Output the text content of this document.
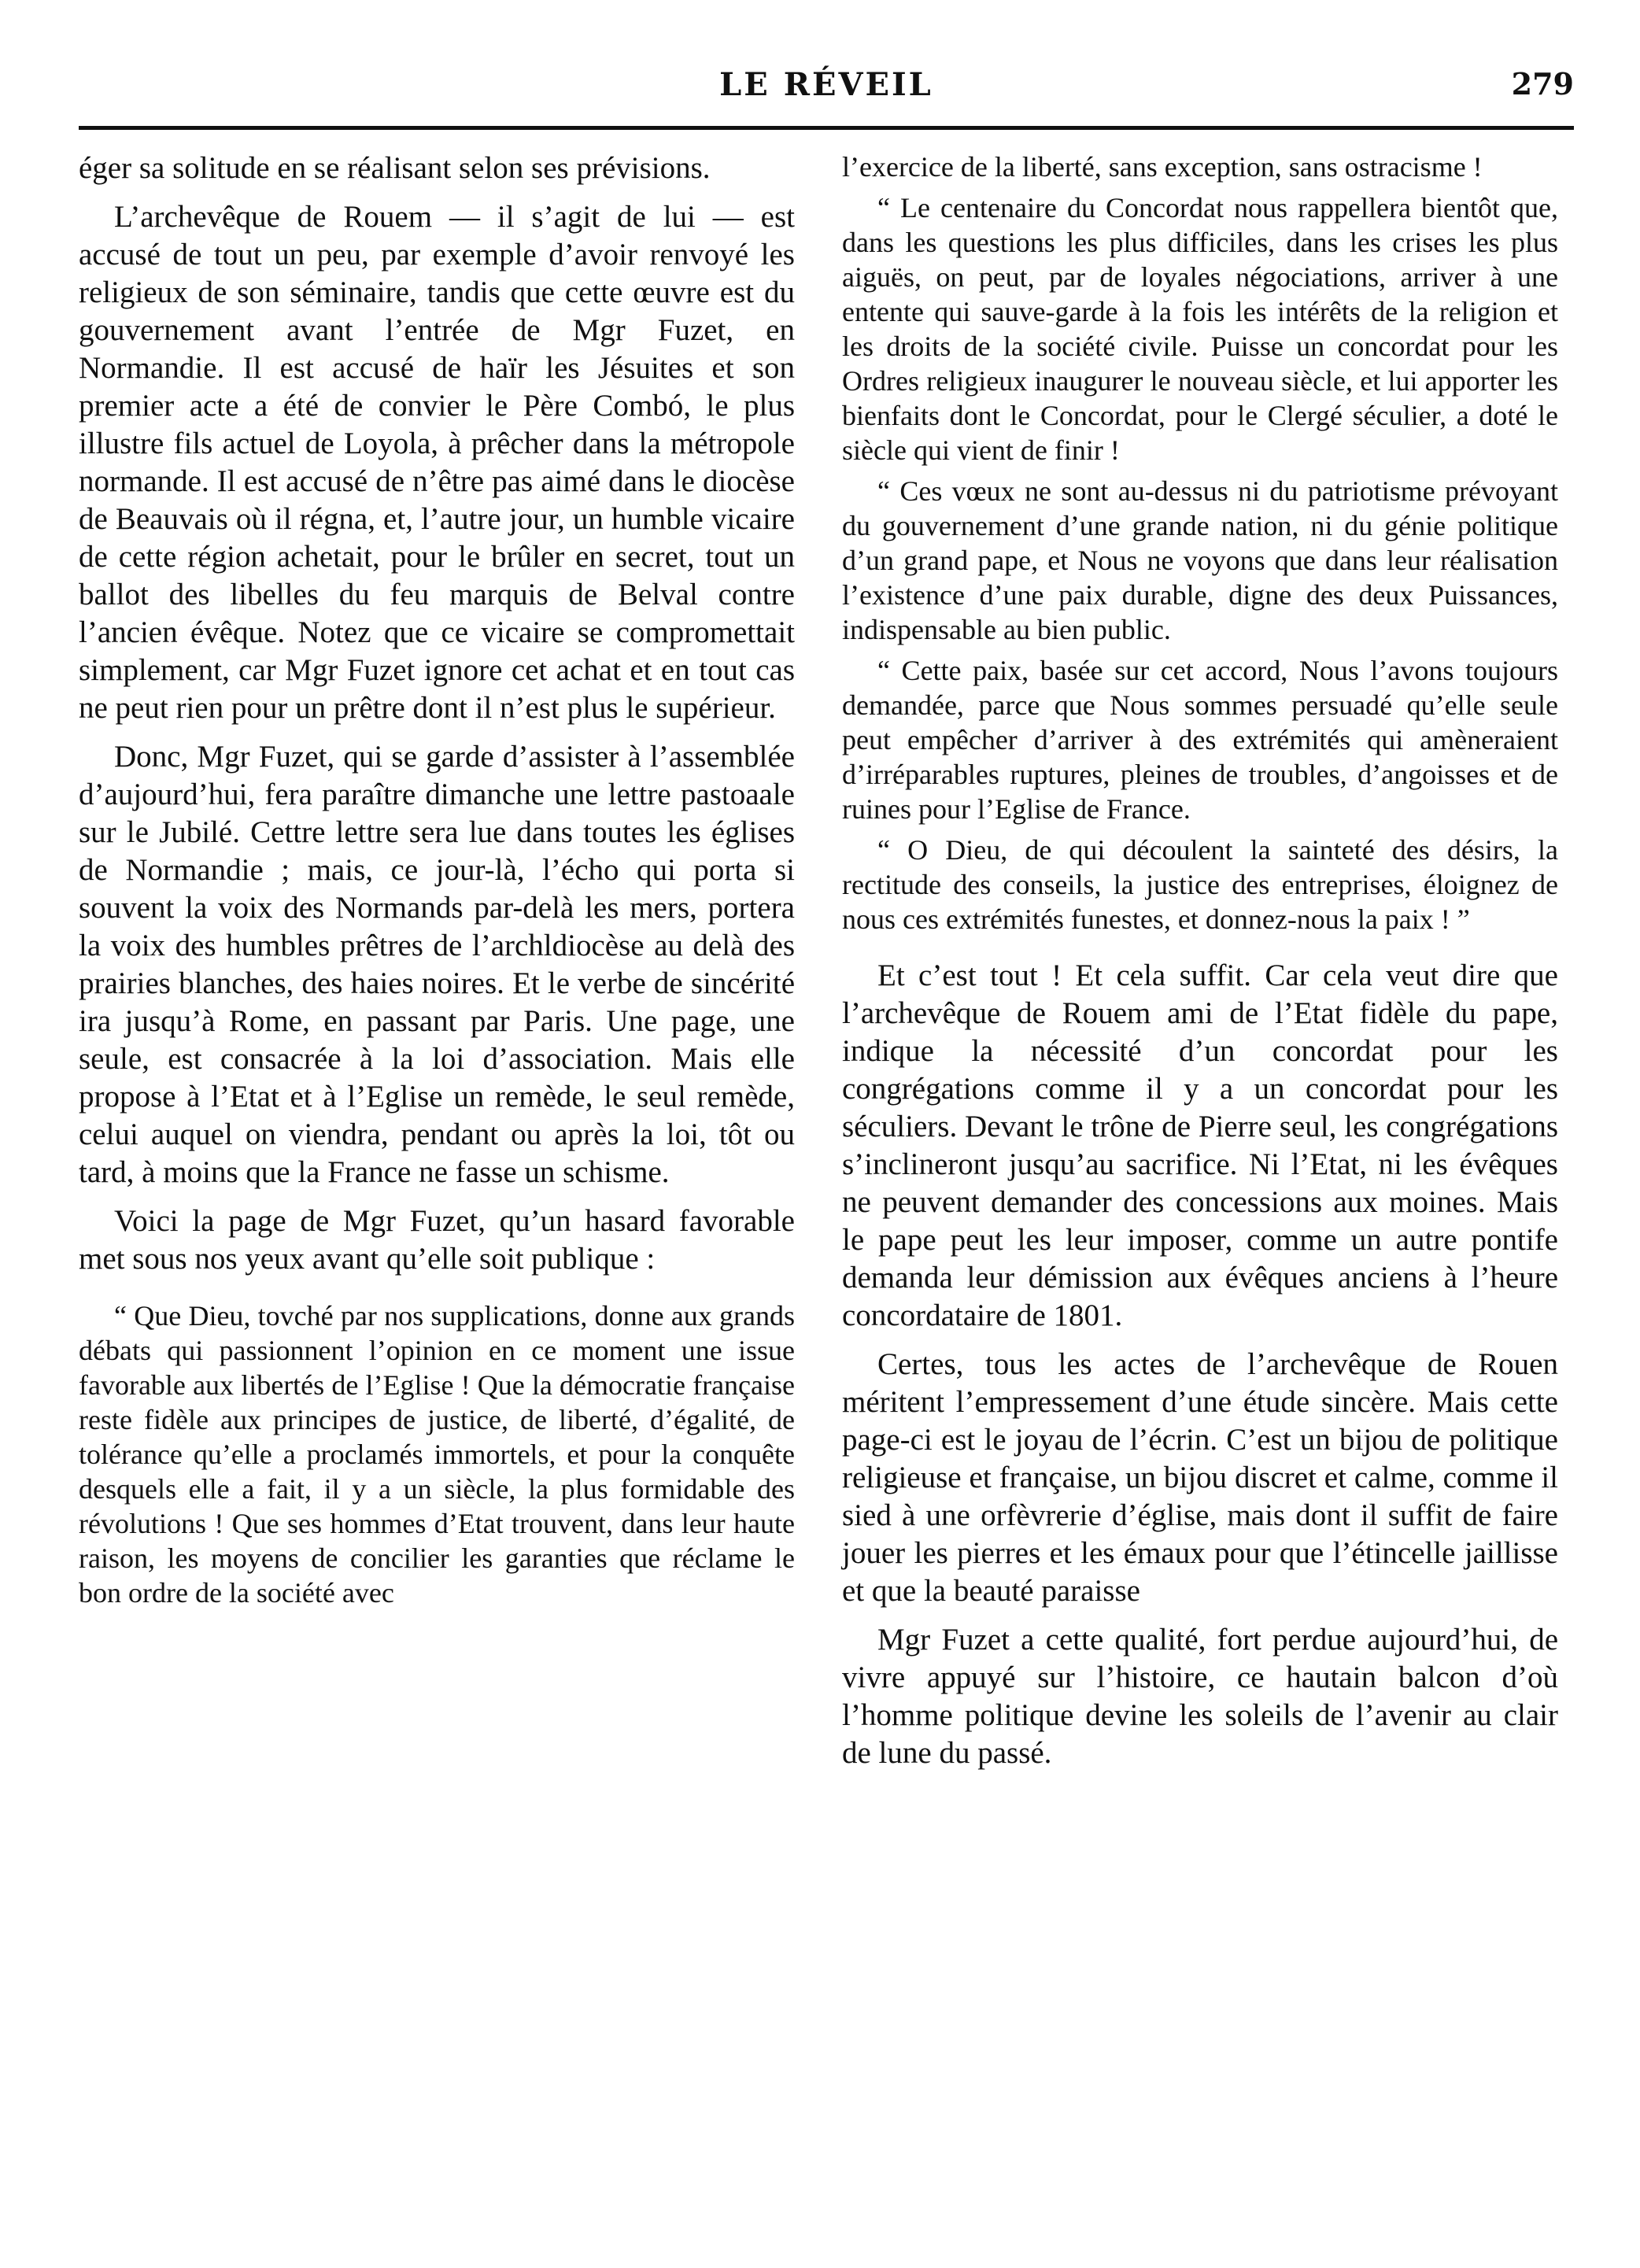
LE RÉVEIL	279

éger sa solitude en se réalisant selon ses prévisions.

L’archevêque de Rouem — il s’agit de lui — est accusé de tout un peu, par exemple d’avoir renvoyé les religieux de son séminaire, tandis que cette œuvre est du gouvernement avant l’entrée de Mgr Fuzet, en Normandie. Il est accusé de haïr les Jésuites et son premier acte a été de convier le Père Combó, le plus illustre fils actuel de Loyola, à prêcher dans la métropole normande. Il est accusé de n’être pas aimé dans le diocèse de Beauvais où il régna, et, l’autre jour, un humble vicaire de cette région achetait, pour le brûler en secret, tout un ballot des libelles du feu marquis de Belval contre l’ancien évêque. Notez que ce vicaire se compromettait simplement, car Mgr Fuzet ignore cet achat et en tout cas ne peut rien pour un prêtre dont il n’est plus le supérieur.

Donc, Mgr Fuzet, qui se garde d’assister à l’assemblée d’aujourd’hui, fera paraître dimanche une lettre pastoaale sur le Jubilé. Cettre lettre sera lue dans toutes les églises de Normandie ; mais, ce jour-là, l’écho qui porta si souvent la voix des Normands par-delà les mers, portera la voix des humbles prêtres de l’archldiocèse au delà des prairies blanches, des haies noires. Et le verbe de sincérité ira jusqu’à Rome, en passant par Paris. Une page, une seule, est consacrée à la loi d’association. Mais elle propose à l’Etat et à l’Eglise un remède, le seul remède, celui auquel on viendra, pendant ou après la loi, tôt ou tard, à moins que la France ne fasse un schisme.

Voici la page de Mgr Fuzet, qu’un hasard favorable met sous nos yeux avant qu’elle soit publique :

“ Que Dieu, tovché par nos supplications, donne aux grands débats qui passionnent l’opinion en ce moment une issue favorable aux libertés de l’Eglise ! Que la démocratie française reste fidèle aux principes de justice, de liberté, d’égalité, de tolérance qu’elle a proclamés immortels, et pour la conquête desquels elle a fait, il y a un siècle, la plus formidable des révolutions ! Que ses hommes d’Etat trouvent, dans leur haute raison, les moyens de concilier les garanties que réclame le bon ordre de la société avec

l’exercice de la liberté, sans exception, sans ostracisme !

“ Le centenaire du Concordat nous rappellera bientôt que, dans les questions les plus difficiles, dans les crises les plus aiguës, on peut, par de loyales négociations, arriver à une entente qui sauve-garde à la fois les intérêts de la religion et les droits de la société civile. Puisse un concordat pour les Ordres religieux inaugurer le nouveau siècle, et lui apporter les bienfaits dont le Concordat, pour le Clergé séculier, a doté le siècle qui vient de finir !

“ Ces vœux ne sont au-dessus ni du patriotisme prévoyant du gouvernement d’une grande nation, ni du génie politique d’un grand pape, et Nous ne voyons que dans leur réalisation l’existence d’une paix durable, digne des deux Puissances, indispensable au bien public.

“ Cette paix, basée sur cet accord, Nous l’avons toujours demandée, parce que Nous sommes persuadé qu’elle seule peut empêcher d’arriver à des extrémités qui amèneraient d’irréparables ruptures, pleines de troubles, d’angoisses et de ruines pour l’Eglise de France.

“ O Dieu, de qui découlent la sainteté des désirs, la rectitude des conseils, la justice des entreprises, éloignez de nous ces extrémités funestes, et donnez-nous la paix ! ”

Et c’est tout ! Et cela suffit. Car cela veut dire que l’archevêque de Rouem ami de l’Etat fidèle du pape, indique la nécessité d’un concordat pour les congrégations comme il y a un concordat pour les séculiers. Devant le trône de Pierre seul, les congrégations s’inclineront jusqu’au sacrifice. Ni l’Etat, ni les évêques ne peuvent demander des concessions aux moines. Mais le pape peut les leur imposer, comme un autre pontife demanda leur démission aux évêques anciens à l’heure concordataire de 1801.

Certes, tous les actes de l’archevêque de Rouen méritent l’empressement d’une étude sincère. Mais cette page-ci est le joyau de l’écrin. C’est un bijou de politique religieuse et française, un bijou discret et calme, comme il sied à une orfèvrerie d’église, mais dont il suffit de faire jouer les pierres et les émaux pour que l’étincelle jaillisse et que la beauté paraisse

Mgr Fuzet a cette qualité, fort perdue aujourd’hui, de vivre appuyé sur l’histoire, ce hautain balcon d’où l’homme politique devine les soleils de l’avenir au clair de lune du passé.
